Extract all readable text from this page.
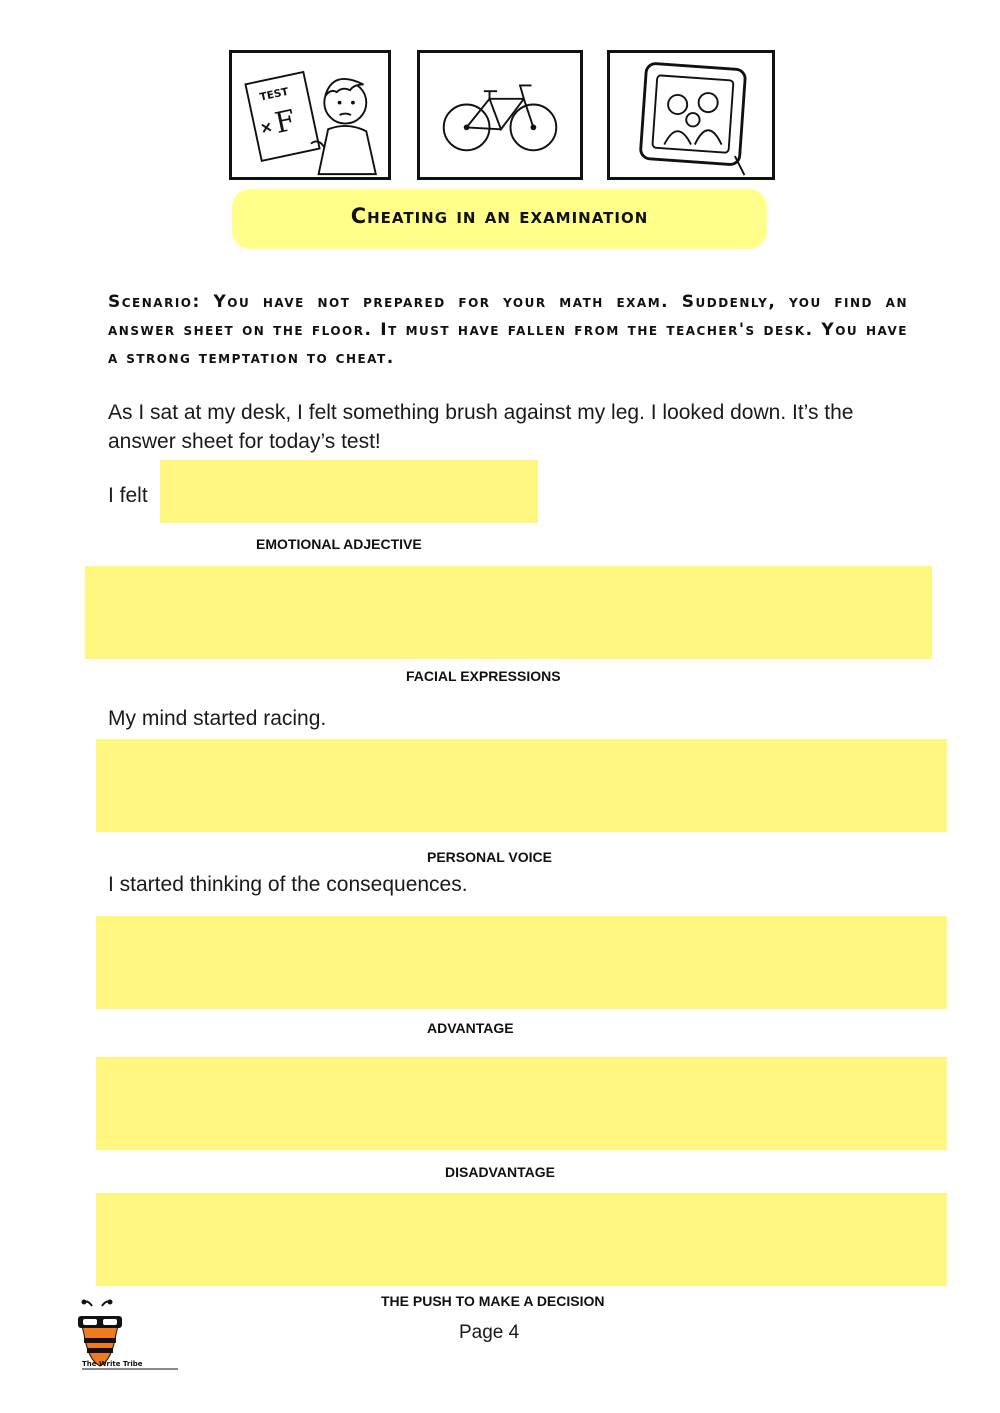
TEST
F
Cheating in an examination
Scenario: You have not prepared for your math exam. Suddenly, you find an answer sheet on the floor. It must have fallen from the teacher's desk. You have a strong temptation to cheat.
As I sat at my desk, I felt something brush against my leg. I looked down. It’s the answer sheet for today’s test!
I felt
EMOTIONAL ADJECTIVE
FACIAL EXPRESSIONS
My mind started racing.
PERSONAL VOICE
I started thinking of the consequences.
ADVANTAGE
DISADVANTAGE
THE PUSH TO MAKE A DECISION
Page 4
The Write Tribe
